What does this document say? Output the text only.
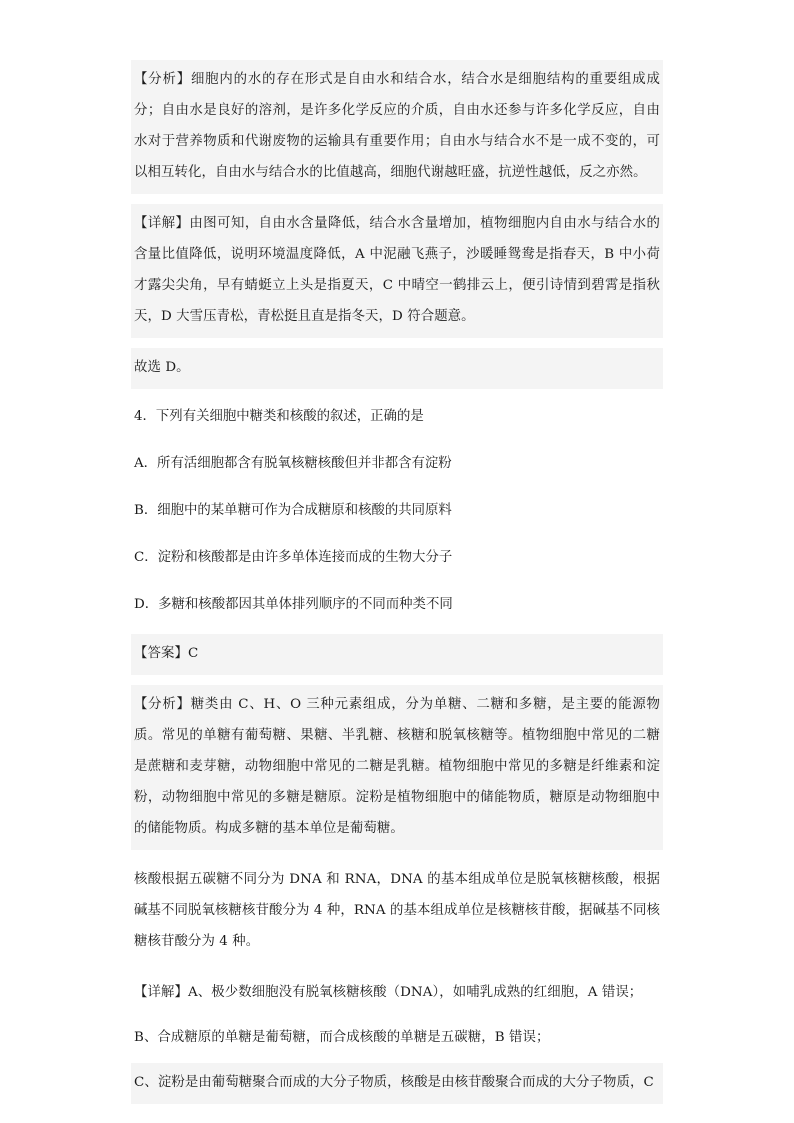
【分析】细胞内的水的存在形式是自由水和结合水，结合水是细胞结构的重要组成成分；自由水是良好的溶剂，是许多化学反应的介质，自由水还参与许多化学反应，自由水对于营养物质和代谢废物的运输具有重要作用；自由水与结合水不是一成不变的，可以相互转化，自由水与结合水的比值越高，细胞代谢越旺盛，抗逆性越低，反之亦然。
【详解】由图可知，自由水含量降低，结合水含量增加，植物细胞内自由水与结合水的含量比值降低，说明环境温度降低，A 中泥融飞燕子，沙暖睡鸳鸯是指春天，B 中小荷才露尖尖角，早有蜻蜓立上头是指夏天，C 中晴空一鹤排云上，便引诗情到碧霄是指秋天，D 大雪压青松，青松挺且直是指冬天，D 符合题意。
故选 D。
4．下列有关细胞中糖类和核酸的叙述，正确的是
A．所有活细胞都含有脱氧核糖核酸但并非都含有淀粉
B．细胞中的某单糖可作为合成糖原和核酸的共同原料
C．淀粉和核酸都是由许多单体连接而成的生物大分子
D．多糖和核酸都因其单体排列顺序的不同而种类不同
【答案】C
【分析】糖类由 C、H、O 三种元素组成，分为单糖、二糖和多糖，是主要的能源物质。常见的单糖有葡萄糖、果糖、半乳糖、核糖和脱氧核糖等。植物细胞中常见的二糖是蔗糖和麦芽糖，动物细胞中常见的二糖是乳糖。植物细胞中常见的多糖是纤维素和淀粉，动物细胞中常见的多糖是糖原。淀粉是植物细胞中的储能物质，糖原是动物细胞中的储能物质。构成多糖的基本单位是葡萄糖。
核酸根据五碳糖不同分为 DNA 和 RNA，DNA 的基本组成单位是脱氧核糖核酸，根据碱基不同脱氧核糖核苷酸分为 4 种，RNA 的基本组成单位是核糖核苷酸，据碱基不同核糖核苷酸分为 4 种。
【详解】A、极少数细胞没有脱氧核糖核酸（DNA），如哺乳成熟的红细胞，A 错误；
B、合成糖原的单糖是葡萄糖，而合成核酸的单糖是五碳糖，B 错误；
C、淀粉是由葡萄糖聚合而成的大分子物质，核酸是由核苷酸聚合而成的大分子物质，C
